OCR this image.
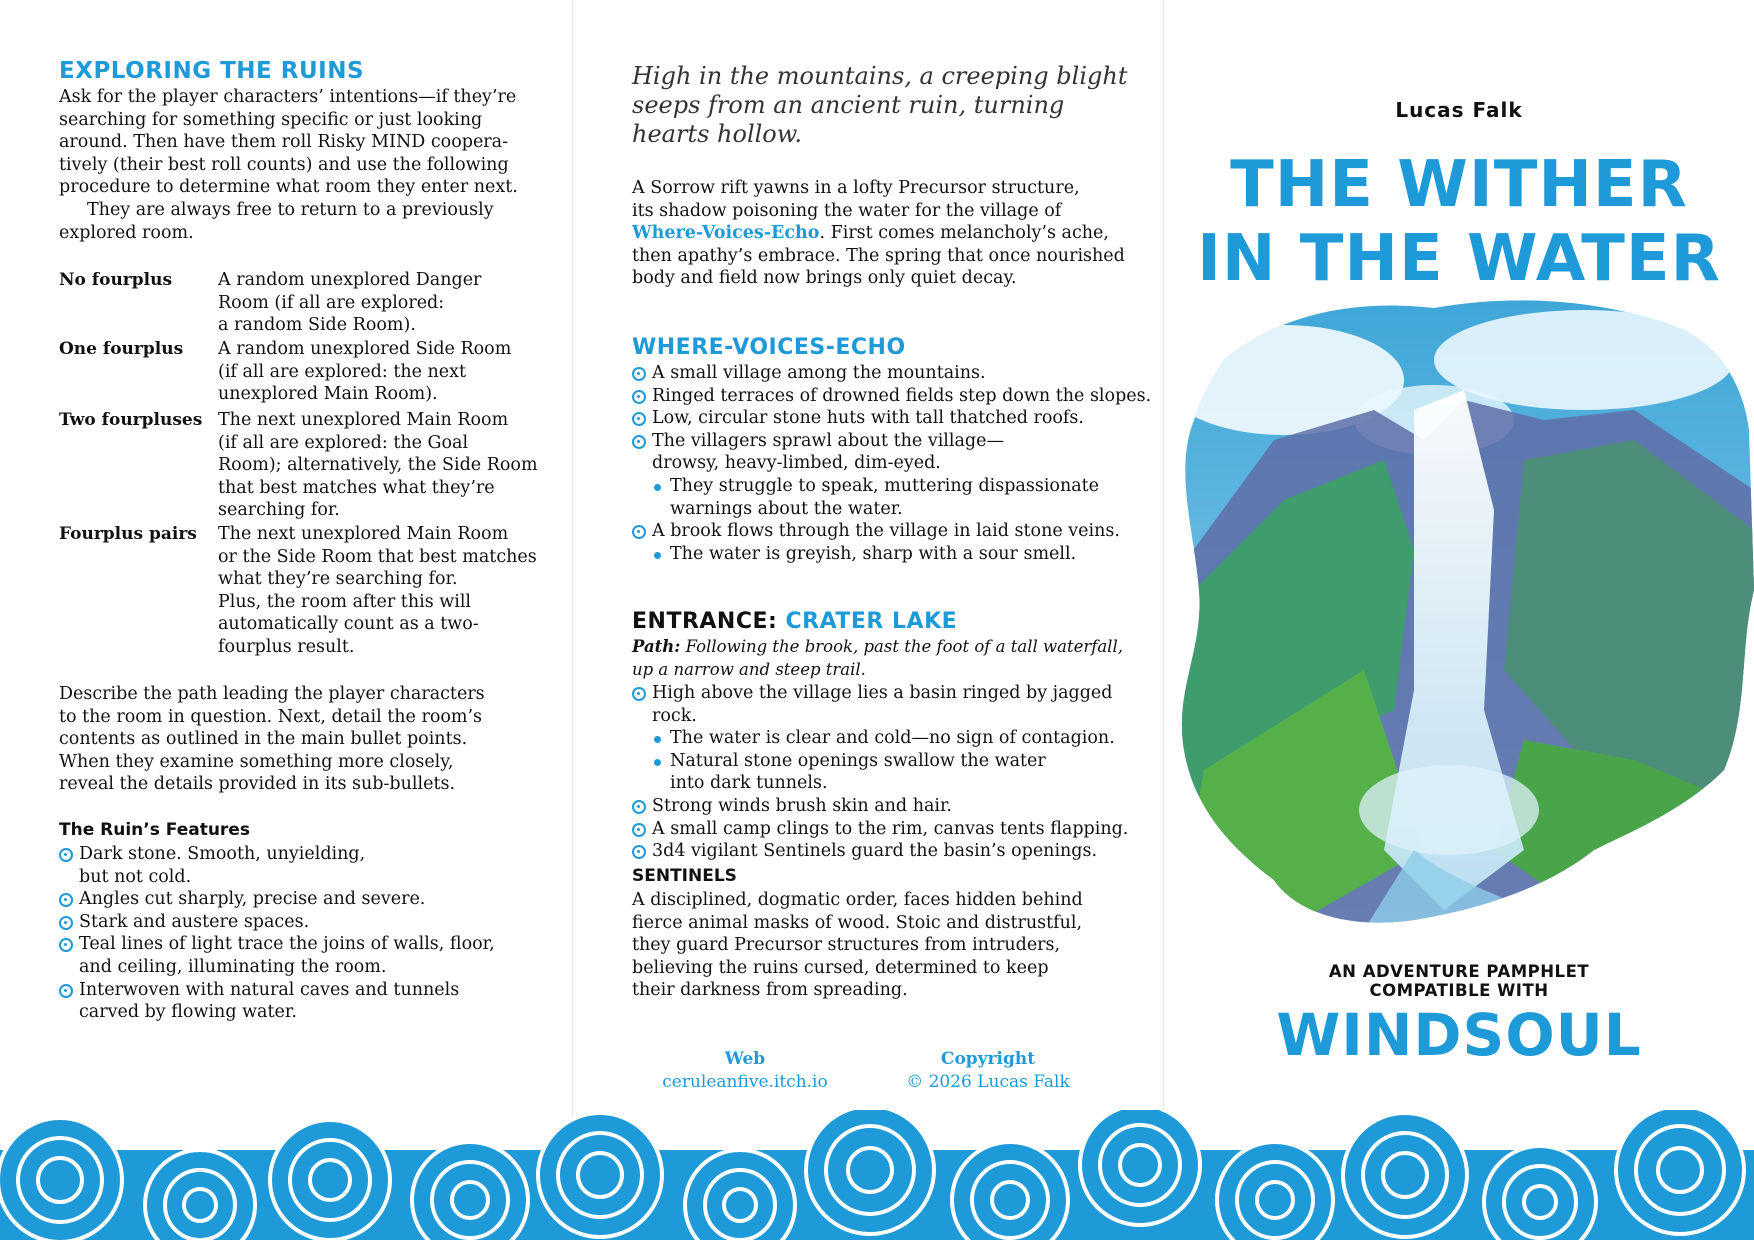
EXPLORING THE RUINS
Ask for the player characters’ intentions—if they’re
searching for something specific or just looking
around. Then have them roll Risky MIND coopera-
tively (their best roll counts) and use the following
procedure to determine what room they enter next.
They are always free to return to a previously
explored room.
No fourplus	A random unexplored Danger
Room (if all are explored:
a random Side Room).
One fourplus A random unexplored Side Room
(if all are explored: the next
unexplored Main Room).
Two fourpluses The next unexplored Main Room
(if all are explored: the Goal
Room); alternatively, the Side Room
that best matches what they’re
searching for.
Fourplus pairs The next unexplored Main Room
or the Side Room that best matches
what they’re searching for.
Plus, the room after this will
automatically count as a two-
fourplus result.
Describe the path leading the player characters
to the room in question. Next, detail the room’s
contents as outlined in the main bullet points.
When they examine something more closely,
reveal the details provided in its sub-bullets.
The Ruin’s Features
Dark stone. Smooth, unyielding,
but not cold.
Angles cut sharply, precise and severe.
Stark and austere spaces.
Teal lines of light trace the joins of walls, floor,
and ceiling, illuminating the room.
Interwoven with natural caves and tunnels
carved by flowing water.
High in the mountains, a creeping blight
seeps from an ancient ruin, turning
hearts hollow.
A Sorrow rift yawns in a lofty Precursor structure,
its shadow poisoning the water for the village of
Where-Voices-Echo. First comes melancholy’s ache,
then apathy’s embrace. The spring that once nourished
body and field now brings only quiet decay.
WHERE-VOICES-ECHO
A small village among the mountains.
Ringed terraces of drowned fields step down the slopes.
Low, circular stone huts with tall thatched roofs.
The villagers sprawl about the village—
drowsy, heavy-limbed, dim-eyed.
They struggle to speak, muttering dispassionate
warnings about the water.
A brook flows through the village in laid stone veins.
The water is greyish, sharp with a sour smell.
ENTRANCE: CRATER LAKE
Path: Following the brook, past the foot of a tall waterfall,
up a narrow and steep trail.
High above the village lies a basin ringed by jagged rock.
The water is clear and cold—no sign of contagion.
Natural stone openings swallow the water
into dark tunnels.
Strong winds brush skin and hair.
A small camp clings to the rim, canvas tents flapping.
3d4 vigilant Sentinels guard the basin’s openings.
SENTINELS
A disciplined, dogmatic order, faces hidden behind
fierce animal masks of wood. Stoic and distrustful,
they guard Precursor structures from intruders,
believing the ruins cursed, determined to keep
their darkness from spreading.
Web
ceruleanfive.itch.io
Copyright
© 2026 Lucas Falk
Lucas Falk
THE WITHER
IN THE WATER
AN ADVENTURE PAMPHLET
COMPATIBLE WITH
WINDSOUL
